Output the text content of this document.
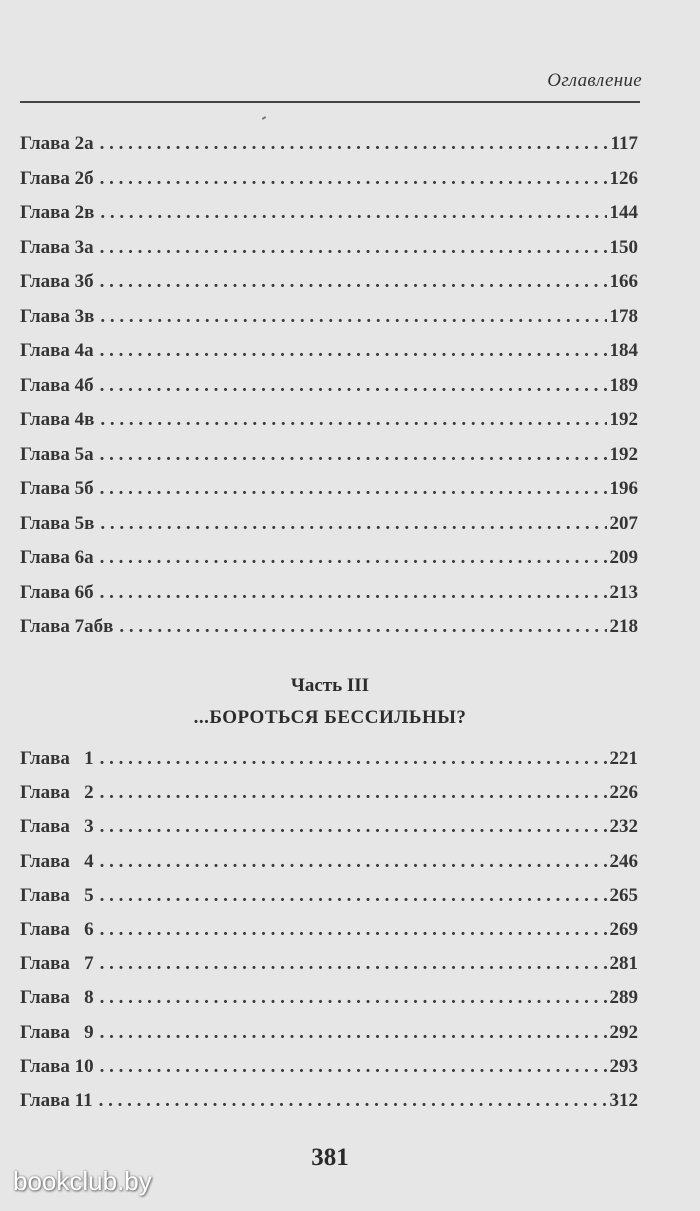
Оглавление
Глава 2а . . .	117
Глава 2б . . .	126
Глава 2в . . .	144
Глава 3а . . .	150
Глава 3б . . .	166
Глава 3в . . .	178
Глава 4а . . .	184
Глава 4б . . .	189
Глава 4в . . .	192
Глава 5а . . .	192
Глава 5б . . .	196
Глава 5в . . .	207
Глава 6а . . .	209
Глава 6б . . .	213
Глава 7абв . . .	218
Часть III
...БОРОТЬСЯ БЕССИЛЬНЫ?
Глава   1 . . .	221
Глава   2 . . .	226
Глава   3 . . .	232
Глава   4 . . .	246
Глава   5 . . .	265
Глава   6 . . .	269
Глава   7 . . .	281
Глава   8 . . .	289
Глава   9 . . .	292
Глава 10 . . .	293
Глава 11 . . .	312
381
bookclub.by
